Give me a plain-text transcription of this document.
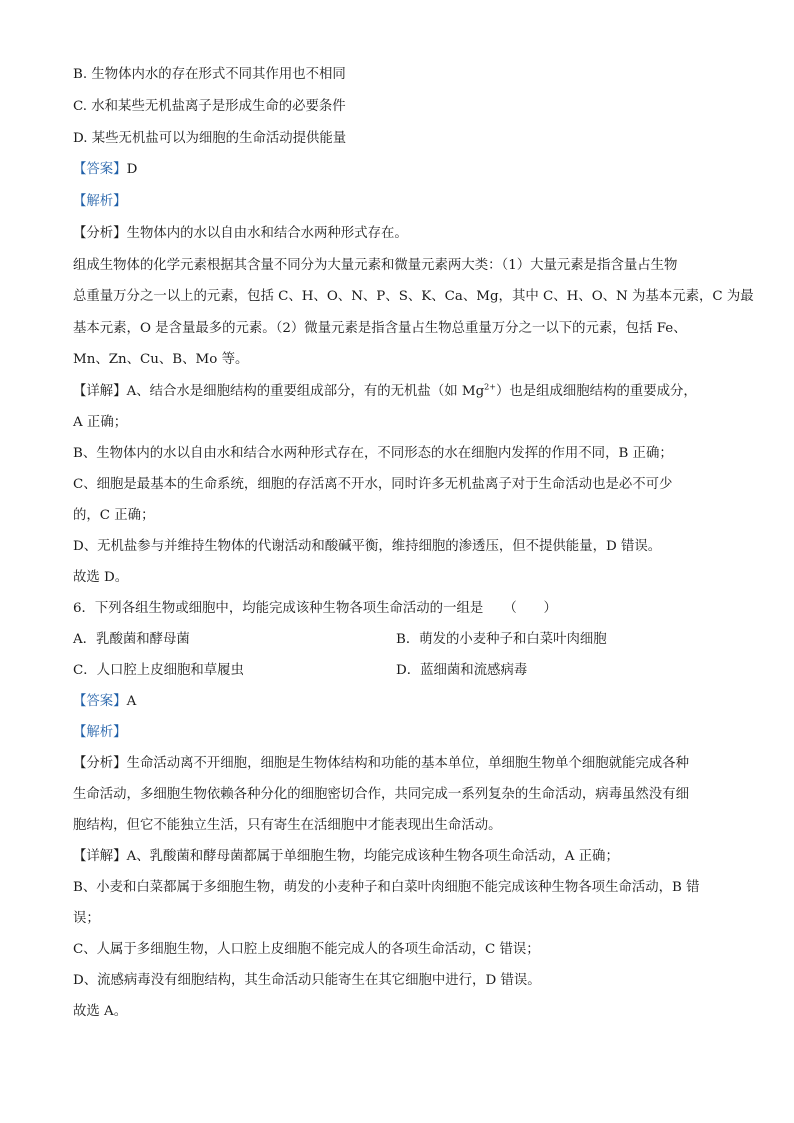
B. 生物体内水的存在形式不同其作用也不相同
C. 水和某些无机盐离子是形成生命的必要条件
D. 某些无机盐可以为细胞的生命活动提供能量
【答案】D
【解析】
【分析】生物体内的水以自由水和结合水两种形式存在。
组成生物体的化学元素根据其含量不同分为大量元素和微量元素两大类：（1）大量元素是指含量占生物
总重量万分之一以上的元素，包括 C、H、O、N、P、S、K、Ca、Mg，其中 C、H、O、N 为基本元素，C 为最
基本元素，O 是含量最多的元素。（2）微量元素是指含量占生物总重量万分之一以下的元素，包括 Fe、
Mn、Zn、Cu、B、Mo 等。
【详解】A、结合水是细胞结构的重要组成部分，有的无机盐（如 $Mg^{2+}$）也是组成细胞结构的重要成分，
A 正确；
B、生物体内的水以自由水和结合水两种形式存在，不同形态的水在细胞内发挥的作用不同，B 正确；
C、细胞是最基本的生命系统，细胞的存活离不开水，同时许多无机盐离子对于生命活动也是必不可少
的，C 正确；
D、无机盐参与并维持生物体的代谢活动和酸碱平衡，维持细胞的渗透压，但不提供能量，D 错误。
故选 D。
6．下列各组生物或细胞中，均能完成该种生物各项生命活动的一组是　　（　　）
A．乳酸菌和酵母菌	B．萌发的小麦种子和白菜叶肉细胞
C．人口腔上皮细胞和草履虫	D．蓝细菌和流感病毒
【答案】A
【解析】
【分析】生命活动离不开细胞，细胞是生物体结构和功能的基本单位，单细胞生物单个细胞就能完成各种
生命活动，多细胞生物依赖各种分化的细胞密切合作，共同完成一系列复杂的生命活动，病毒虽然没有细
胞结构，但它不能独立生活，只有寄生在活细胞中才能表现出生命活动。
【详解】A、乳酸菌和酵母菌都属于单细胞生物，均能完成该种生物各项生命活动，A 正确；
B、小麦和白菜都属于多细胞生物，萌发的小麦种子和白菜叶肉细胞不能完成该种生物各项生命活动，B 错
误；
C、人属于多细胞生物，人口腔上皮细胞不能完成人的各项生命活动，C 错误；
D、流感病毒没有细胞结构，其生命活动只能寄生在其它细胞中进行，D 错误。
故选 A。
